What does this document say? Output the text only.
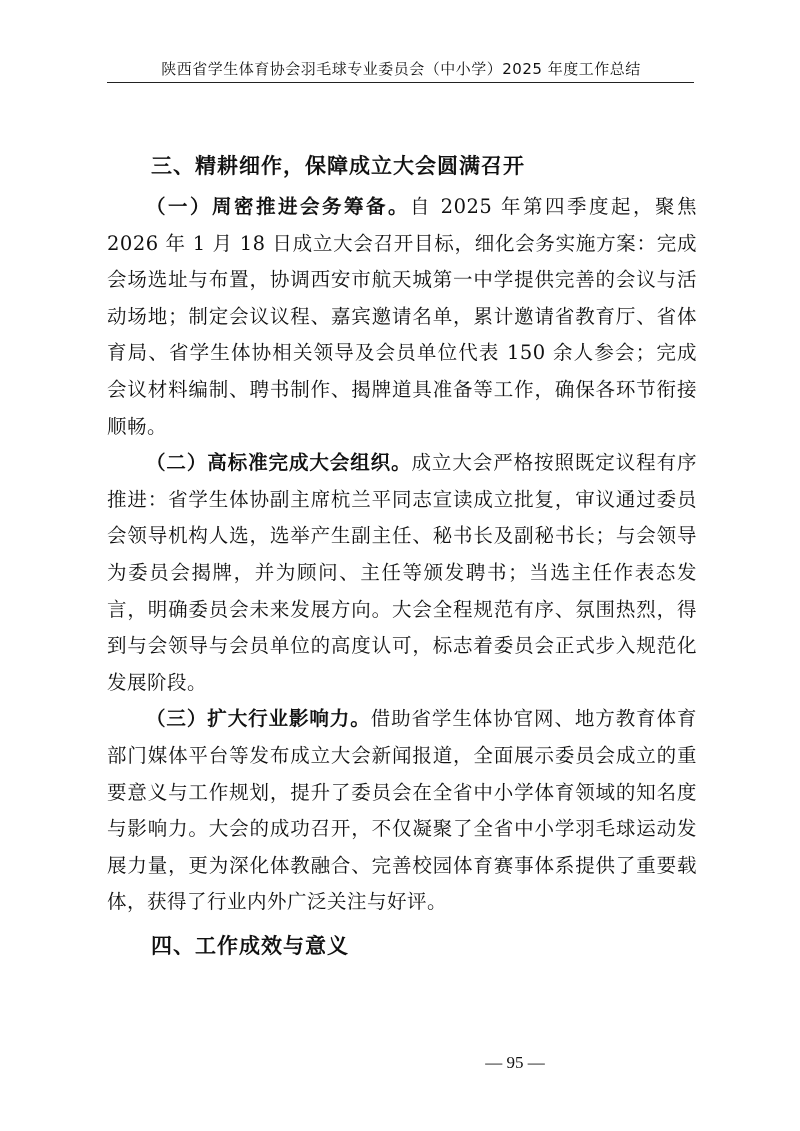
陕西省学生体育协会羽毛球专业委员会（中小学）2025 年度工作总结
三、精耕细作，保障成立大会圆满召开

（一）周密推进会务筹备。自 2025 年第四季度起，聚焦 2026 年 1 月 18 日成立大会召开目标，细化会务实施方案：完成会场选址与布置，协调西安市航天城第一中学提供完善的会议与活动场地；制定会议议程、嘉宾邀请名单，累计邀请省教育厅、省体育局、省学生体协相关领导及会员单位代表 150 余人参会；完成会议材料编制、聘书制作、揭牌道具准备等工作，确保各环节衔接顺畅。

（二）高标准完成大会组织。成立大会严格按照既定议程有序推进：省学生体协副主席杭兰平同志宣读成立批复，审议通过委员会领导机构人选，选举产生副主任、秘书长及副秘书长；与会领导为委员会揭牌，并为顾问、主任等颁发聘书；当选主任作表态发言，明确委员会未来发展方向。大会全程规范有序、氛围热烈，得到与会领导与会员单位的高度认可，标志着委员会正式步入规范化发展阶段。

（三）扩大行业影响力。借助省学生体协官网、地方教育体育部门媒体平台等发布成立大会新闻报道，全面展示委员会成立的重要意义与工作规划，提升了委员会在全省中小学体育领域的知名度与影响力。大会的成功召开，不仅凝聚了全省中小学羽毛球运动发展力量，更为深化体教融合、完善校园体育赛事体系提供了重要载体，获得了行业内外广泛关注与好评。

四、工作成效与意义
— 95 —
